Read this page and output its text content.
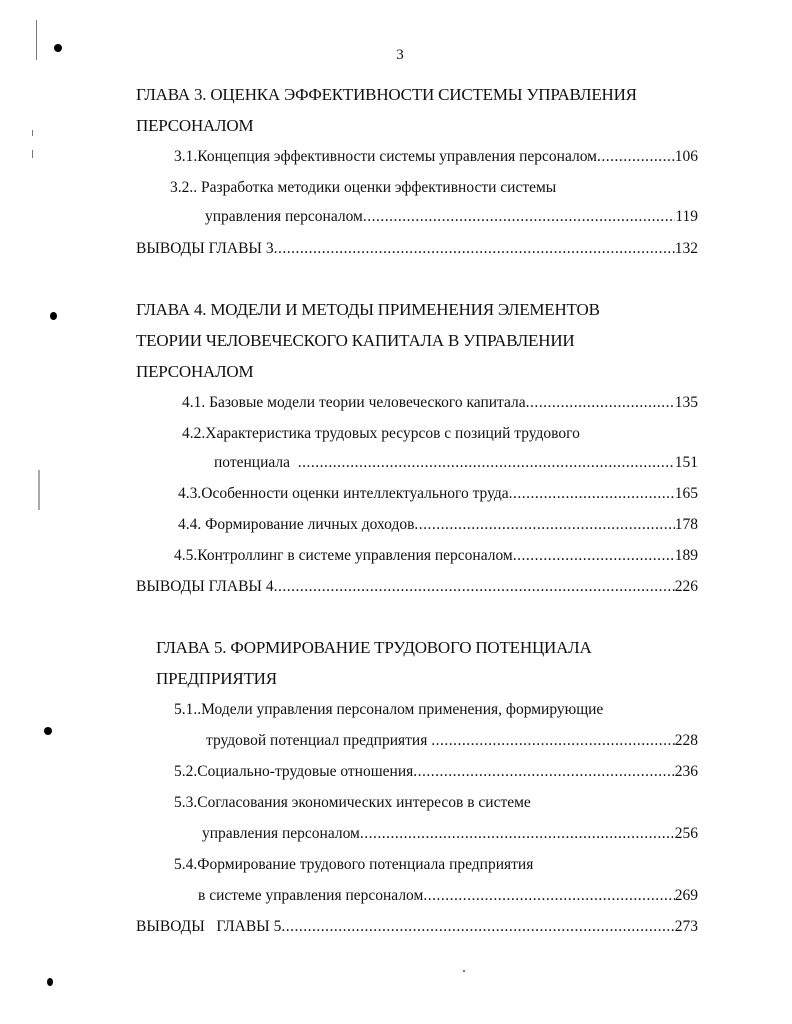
3
ГЛАВА 3. ОЦЕНКА ЭФФЕКТИВНОСТИ СИСТЕМЫ УПРАВЛЕНИЯ
ПЕРСОНАЛОМ
3.1.Концепция эффективности системы управления персоналом .....	106
3.2.. Разработка методики оценки эффективности системы
управления персоналом .....	119
ВЫВОДЫ ГЛАВЫ 3 .....	132
ГЛАВА 4. МОДЕЛИ И МЕТОДЫ ПРИМЕНЕНИЯ ЭЛЕМЕНТОВ
ТЕОРИИ ЧЕЛОВЕЧЕСКОГО КАПИТАЛА В УПРАВЛЕНИИ
ПЕРСОНАЛОМ
4.1. Базовые модели теории человеческого капитала .....	135
4.2.Характеристика трудовых ресурсов с позиций трудового
потенциала .....	151
4.3.Особенности оценки интеллектуального труда .....	165
4.4. Формирование личных доходов .....	178
4.5.Контроллинг в системе управления персоналом .....	189
ВЫВОДЫ ГЛАВЫ 4 .....	226
ГЛАВА 5. ФОРМИРОВАНИЕ ТРУДОВОГО ПОТЕНЦИАЛА
ПРЕДПРИЯТИЯ
5.1..Модели управления персоналом применения, формирующие
трудовой потенциал предприятия .....	228
5.2.Социально-трудовые отношения .....	236
5.3.Согласования экономических интересов в системе
управления персоналом .....	256
5.4.Формирование трудового потенциала предприятия
в системе управления персоналом .....	269
ВЫВОДЫ   ГЛАВЫ 5 .....	273
